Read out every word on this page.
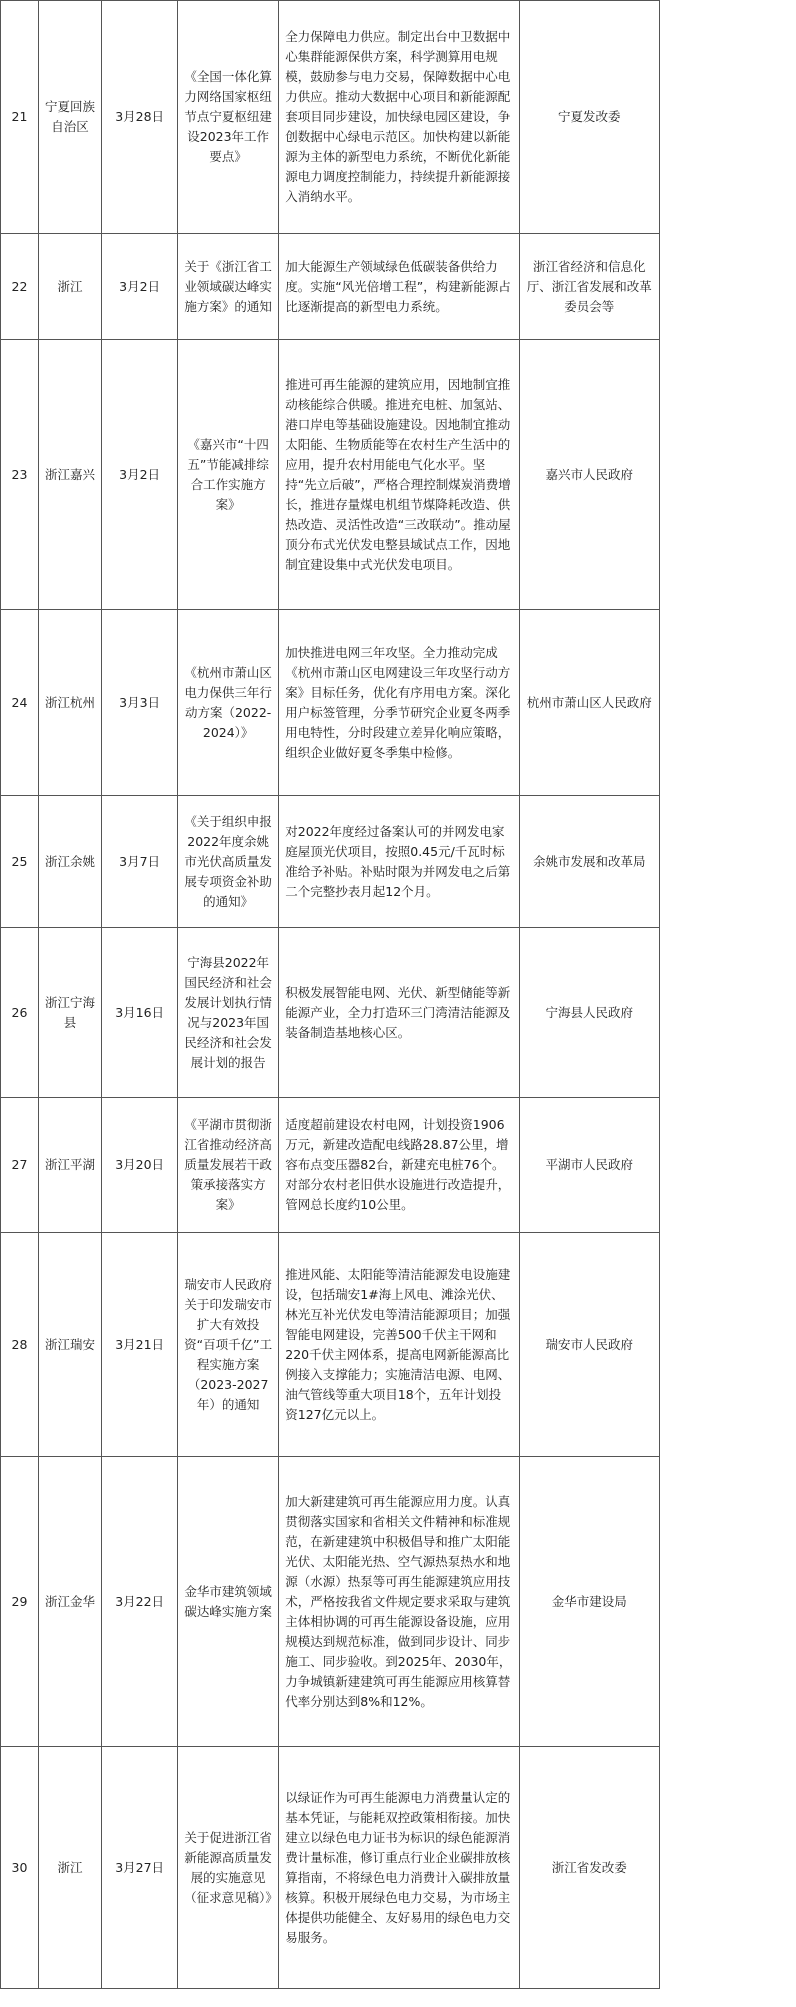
21	宁夏回族自治区	3月28日	《全国一体化算力网络国家枢纽节点宁夏枢纽建设2023年工作要点》	全力保障电力供应。制定出台中卫数据中心集群能源保供方案，科学测算用电规模，鼓励参与电力交易，保障数据中心电力供应。推动大数据中心项目和新能源配套项目同步建设，加快绿电园区建设，争创数据中心绿电示范区。加快构建以新能源为主体的新型电力系统，不断优化新能源电力调度控制能力，持续提升新能源接入消纳水平。	宁夏发改委
22	浙江	3月2日	关于《浙江省工业领域碳达峰实施方案》的通知	加大能源生产领域绿色低碳装备供给力度。实施“风光倍增工程”，构建新能源占比逐渐提高的新型电力系统。	浙江省经济和信息化厅、浙江省发展和改革委员会等
23	浙江嘉兴	3月2日	《嘉兴市“十四五”节能减排综合工作实施方案》	推进可再生能源的建筑应用，因地制宜推动核能综合供暖。推进充电桩、加氢站、港口岸电等基础设施建设。因地制宜推动太阳能、生物质能等在农村生产生活中的应用，提升农村用能电气化水平。坚持“先立后破”，严格合理控制煤炭消费增长，推进存量煤电机组节煤降耗改造、供热改造、灵活性改造“三改联动”。推动屋顶分布式光伏发电整县域试点工作，因地制宜建设集中式光伏发电项目。	嘉兴市人民政府
24	浙江杭州	3月3日	《杭州市萧山区电力保供三年行动方案（2022-2024）》	加快推进电网三年攻坚。全力推动完成《杭州市萧山区电网建设三年攻坚行动方案》目标任务，优化有序用电方案。深化用户标签管理，分季节研究企业夏冬两季用电特性，分时段建立差异化响应策略，组织企业做好夏冬季集中检修。	杭州市萧山区人民政府
25	浙江余姚	3月7日	《关于组织申报2022年度余姚市光伏高质量发展专项资金补助的通知》	对2022年度经过备案认可的并网发电家庭屋顶光伏项目，按照0.45元/千瓦时标准给予补贴。补贴时限为并网发电之后第二个完整抄表月起12个月。	余姚市发展和改革局
26	浙江宁海县	3月16日	宁海县2022年国民经济和社会发展计划执行情况与2023年国民经济和社会发展计划的报告	积极发展智能电网、光伏、新型储能等新能源产业，全力打造环三门湾清洁能源及装备制造基地核心区。	宁海县人民政府
27	浙江平湖	3月20日	《平湖市贯彻浙江省推动经济高质量发展若干政策承接落实方案》	适度超前建设农村电网，计划投资1906万元，新建改造配电线路28.87公里，增容布点变压器82台，新建充电桩76个。对部分农村老旧供水设施进行改造提升，管网总长度约10公里。	平湖市人民政府
28	浙江瑞安	3月21日	瑞安市人民政府关于印发瑞安市扩大有效投资“百项千亿”工程实施方案（2023-2027年）的通知	推进风能、太阳能等清洁能源发电设施建设，包括瑞安1#海上风电、滩涂光伏、林光互补光伏发电等清洁能源项目；加强智能电网建设，完善500千伏主干网和220千伏主网体系，提高电网新能源高比例接入支撑能力；实施清洁电源、电网、油气管线等重大项目18个，五年计划投资127亿元以上。	瑞安市人民政府
29	浙江金华	3月22日	金华市建筑领域碳达峰实施方案	加大新建建筑可再生能源应用力度。认真贯彻落实国家和省相关文件精神和标准规范，在新建建筑中积极倡导和推广太阳能光伏、太阳能光热、空气源热泵热水和地源（水源）热泵等可再生能源建筑应用技术，严格按我省文件规定要求采取与建筑主体相协调的可再生能源设备设施，应用规模达到规范标准，做到同步设计、同步施工、同步验收。到2025年、2030年，力争城镇新建建筑可再生能源应用核算替代率分别达到8%和12%。	金华市建设局
30	浙江	3月27日	关于促进浙江省新能源高质量发展的实施意见（征求意见稿）》	以绿证作为可再生能源电力消费量认定的基本凭证，与能耗双控政策相衔接。加快建立以绿色电力证书为标识的绿色能源消费计量标准，修订重点行业企业碳排放核算指南，不将绿色电力消费计入碳排放量核算。积极开展绿色电力交易，为市场主体提供功能健全、友好易用的绿色电力交易服务。	浙江省发改委
